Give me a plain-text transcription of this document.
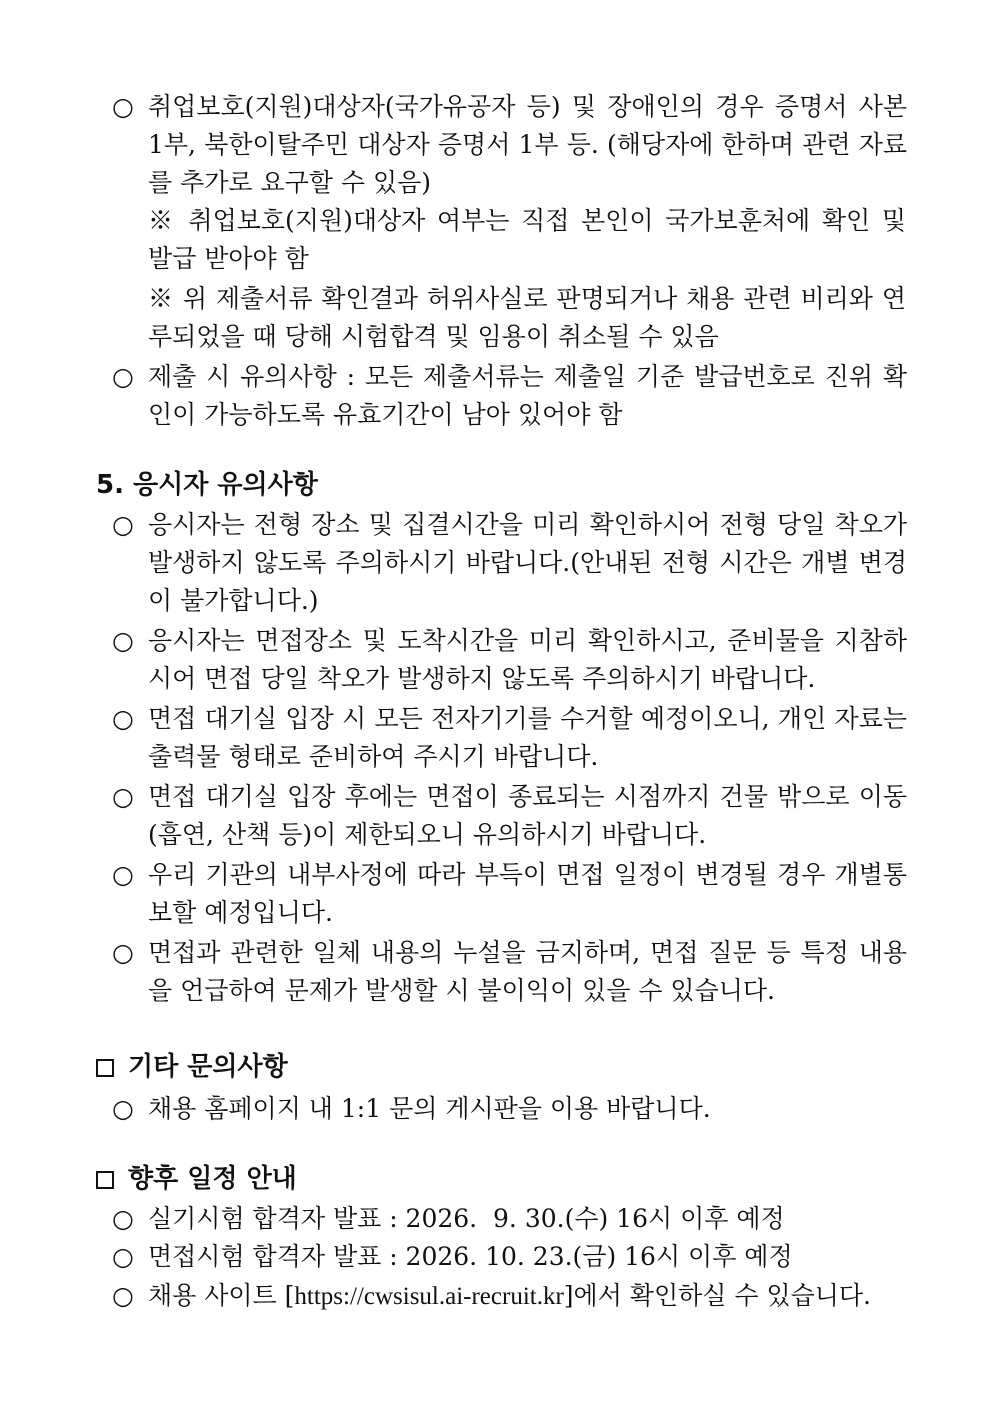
○ 취업보호(지원)대상자(국가유공자 등) 및 장애인의 경우 증명서 사본 1부, 북한이탈주민 대상자 증명서 1부 등. (해당자에 한하며 관련 자료를 추가로 요구할 수 있음)
※ 취업보호(지원)대상자 여부는 직접 본인이 국가보훈처에 확인 및 발급 받아야 함
※ 위 제출서류 확인결과 허위사실로 판명되거나 채용 관련 비리와 연루되었을 때 당해 시험합격 및 임용이 취소될 수 있음
○ 제출 시 유의사항 : 모든 제출서류는 제출일 기준 발급번호로 진위 확인이 가능하도록 유효기간이 남아 있어야 함
5. 응시자 유의사항
○ 응시자는 전형 장소 및 집결시간을 미리 확인하시어 전형 당일 착오가 발생하지 않도록 주의하시기 바랍니다.(안내된 전형 시간은 개별 변경이 불가합니다.)
○ 응시자는 면접장소 및 도착시간을 미리 확인하시고, 준비물을 지참하시어 면접 당일 착오가 발생하지 않도록 주의하시기 바랍니다.
○ 면접 대기실 입장 시 모든 전자기기를 수거할 예정이오니, 개인 자료는 출력물 형태로 준비하여 주시기 바랍니다.
○ 면접 대기실 입장 후에는 면접이 종료되는 시점까지 건물 밖으로 이동(흡연, 산책 등)이 제한되오니 유의하시기 바랍니다.
○ 우리 기관의 내부사정에 따라 부득이 면접 일정이 변경될 경우 개별통보할 예정입니다.
○ 면접과 관련한 일체 내용의 누설을 금지하며, 면접 질문 등 특정 내용을 언급하여 문제가 발생할 시 불이익이 있을 수 있습니다.
기타 문의사항
○ 채용 홈페이지 내 1:1 문의 게시판을 이용 바랍니다.
향후 일정 안내
○ 실기시험 합격자 발표 : 2026.  9. 30.(수) 16시 이후 예정
○ 면접시험 합격자 발표 : 2026. 10. 23.(금) 16시 이후 예정
○ 채용 사이트 [https://cwsisul.ai-recruit.kr]에서 확인하실 수 있습니다.
